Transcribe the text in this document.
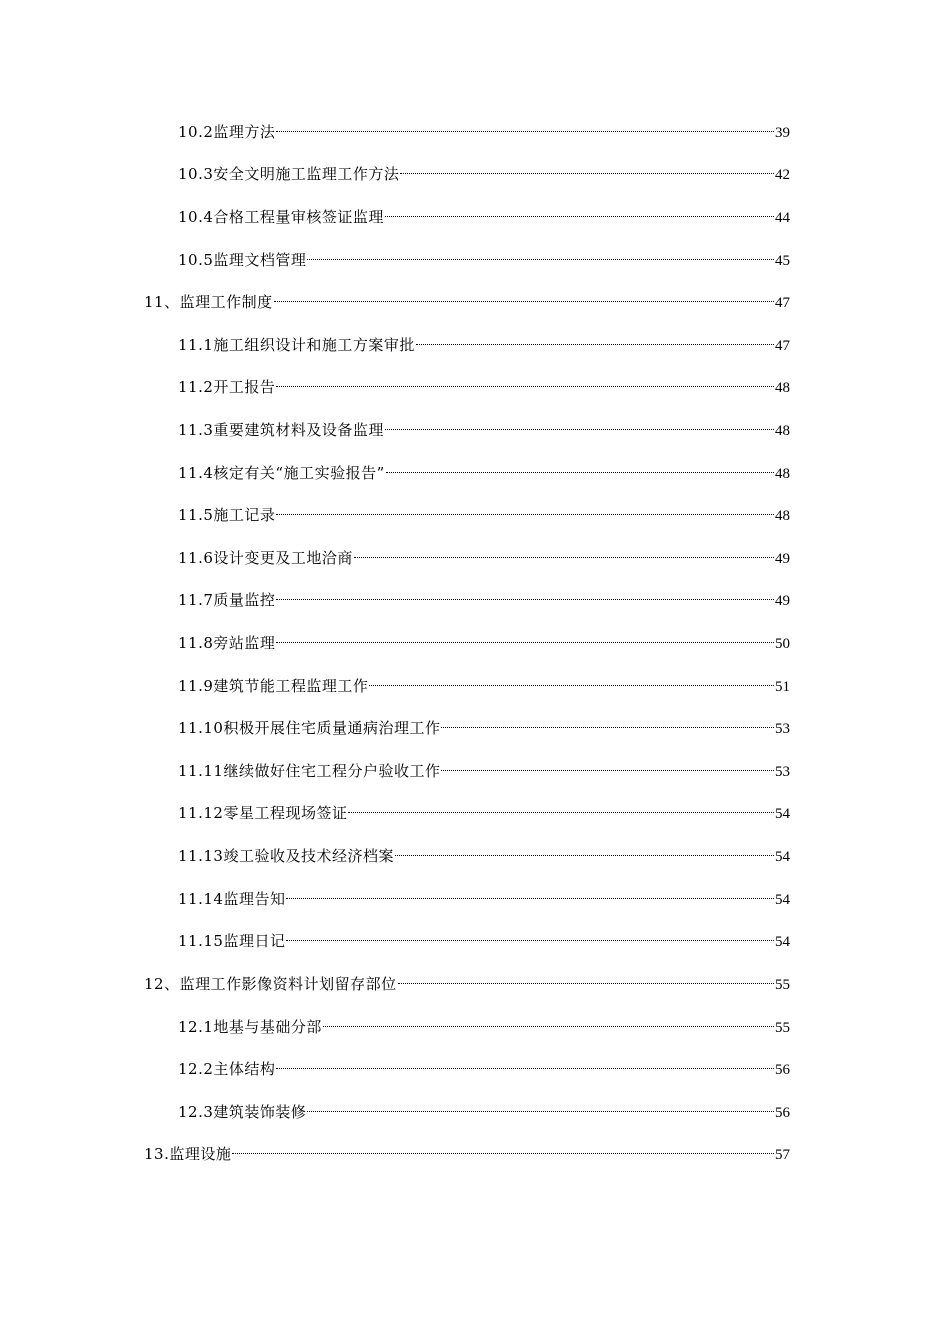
10.2监理方法	39
10.3安全文明施工监理工作方法	42
10.4合格工程量审核签证监理	44
10.5监理文档管理	45
11、监理工作制度	47
11.1施工组织设计和施工方案审批	47
11.2开工报告	48
11.3重要建筑材料及设备监理	48
11.4核定有关“施工实验报告”	48
11.5施工记录	48
11.6设计变更及工地洽商	49
11.7质量监控	49
11.8旁站监理	50
11.9建筑节能工程监理工作	51
11.10积极开展住宅质量通病治理工作	53
11.11继续做好住宅工程分户验收工作	53
11.12零星工程现场签证	54
11.13竣工验收及技术经济档案	54
11.14监理告知	54
11.15监理日记	54
12、监理工作影像资料计划留存部位	55
12.1地基与基础分部	55
12.2主体结构	56
12.3建筑装饰装修	56
13.监理设施	57
